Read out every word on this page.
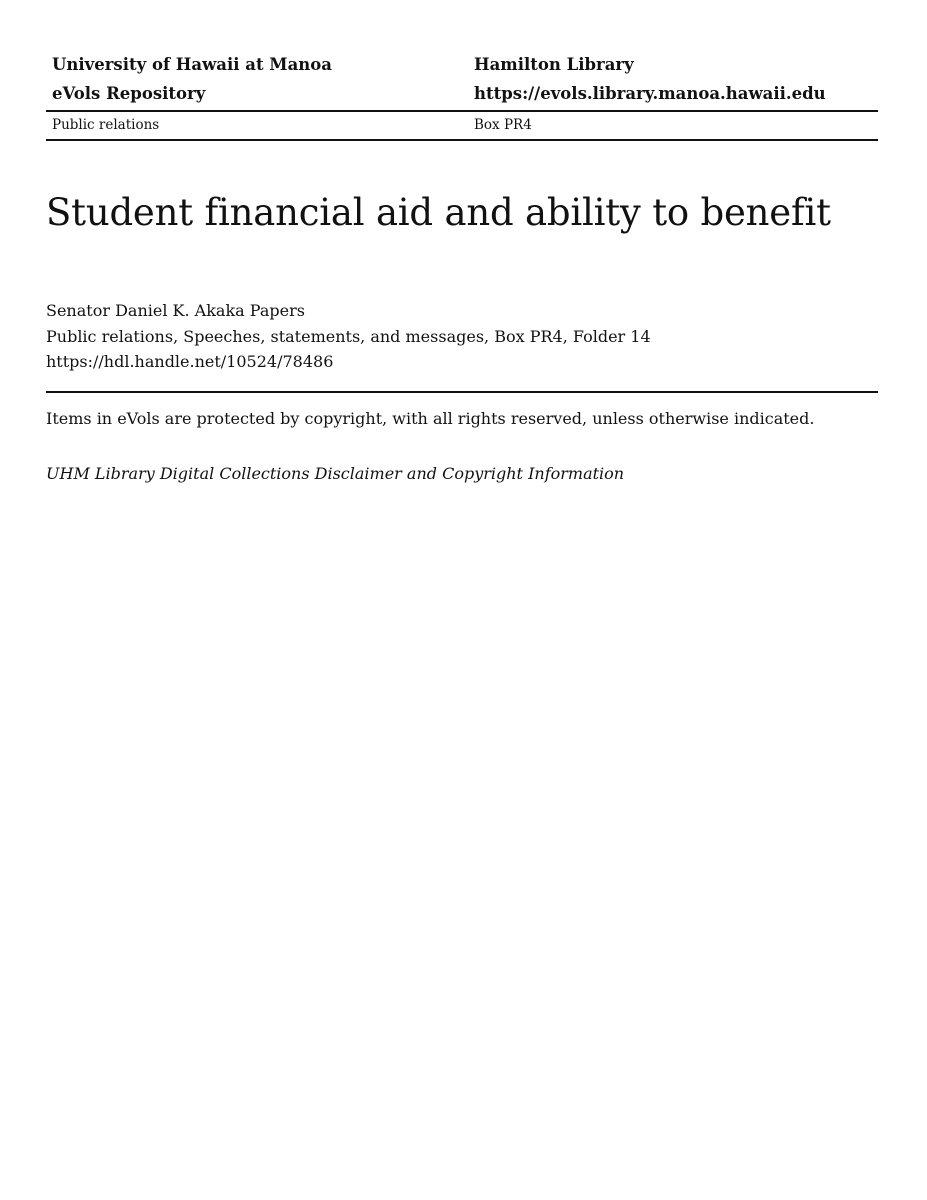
University of Hawaii at Manoa
eVols Repository
Hamilton Library
https://evols.library.manoa.hawaii.edu
Public relations	Box PR4
Student financial aid and ability to benefit
Senator Daniel K. Akaka Papers
Public relations, Speeches, statements, and messages, Box PR4, Folder 14
https://hdl.handle.net/10524/78486

Items in eVols are protected by copyright, with all rights reserved, unless otherwise indicated.

UHM Library Digital Collections Disclaimer and Copyright Information
